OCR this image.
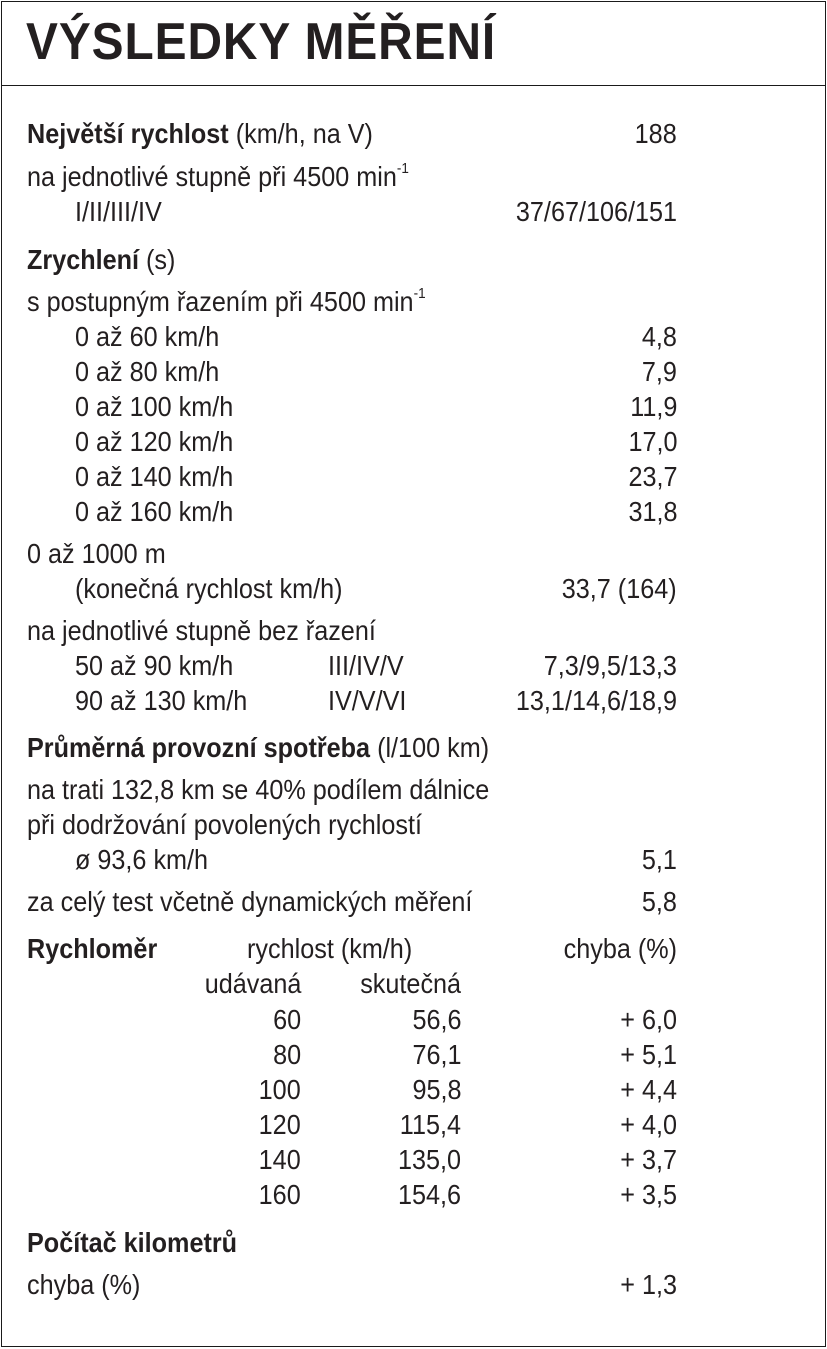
VÝSLEDKY MĚŘENÍ
Největší rychlost (km/h, na V)	188
na jednotlivé stupně při 4500 $\min^{-1}$
I/II/III/IV	37/67/106/151
Zrychlení (s)
s postupným řazením při 4500 $\min^{-1}$
0 až 60 km/h	4,8
0 až 80 km/h	7,9
0 až 100 km/h	11,9
0 až 120 km/h	17,0
0 až 140 km/h	23,7
0 až 160 km/h	31,8
0 až 1000 m
(konečná rychlost km/h)	33,7 (164)
na jednotlivé stupně bez řazení
50 až 90 km/h	III/IV/V	7,3/9,5/13,3
90 až 130 km/h	IV/V/VI	13,1/14,6/18,9
Průměrná provozní spotřeba (l/100 km)
na trati 132,8 km se 40% podílem dálnice
při dodržování povolených rychlostí
ø 93,6 km/h	5,1
za celý test včetně dynamických měření	5,8
Rychloměr	rychlost (km/h)	chyba (%)
udávaná skutečná
60	56,6	+ 6,0
80	76,1	+ 5,1
100	95,8	+ 4,4
120	115,4	+ 4,0
140	135,0	+ 3,7
160	154,6	+ 3,5
Počítač kilometrů
chyba (%)	+ 1,3
